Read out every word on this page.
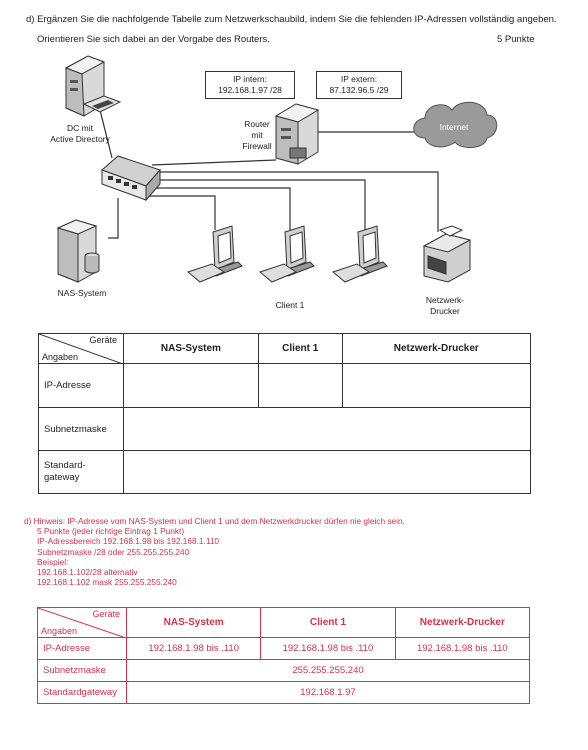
d) Ergänzen Sie die nachfolgende Tabelle zum Netzwerkschaubild, indem Sie die fehlenden IP-Adressen vollständig angeben.
Orientieren Sie sich dabei an der Vorgabe des Routers.	5 Punkte
DC mit
Active Directory
Router
mit
Firewall
IP intern:
192.168.1.97 /28
IP extern:
87.132.96.5 /29
Internet
NAS-System
Client 1	Netzwerk-
Drucker
Geräte
Angaben	NAS-System	Client 1	Netzwerk-Drucker
IP-Adresse			
Subnetzmaske			

Standard-
gateway			

d) Hinweis: IP-Adresse vom NAS-System und Client 1 und dem Netzwerkdrucker dürfen nie gleich sein.
5 Punkte (jeder richtige Eintrag 1 Punkt)
IP-Adressbereich 192.168.1.98 bis 192.168.1.110
Subnetzmaske /28 oder 255.255.255.240
Beispiel:
192.168.1.102/28 alternativ
192.168.1.102 mask 255.255.255.240
Geräte
Angaben	NAS-System	Client 1	Netzwerk-Drucker
IP-Adresse	192.168.1.98 bis .110	192.168.1.98 bis .110	192.168.1.98 bis .110
Subnetzmaske	255.255.255.240		
Standardgateway	192.168.1.97		
